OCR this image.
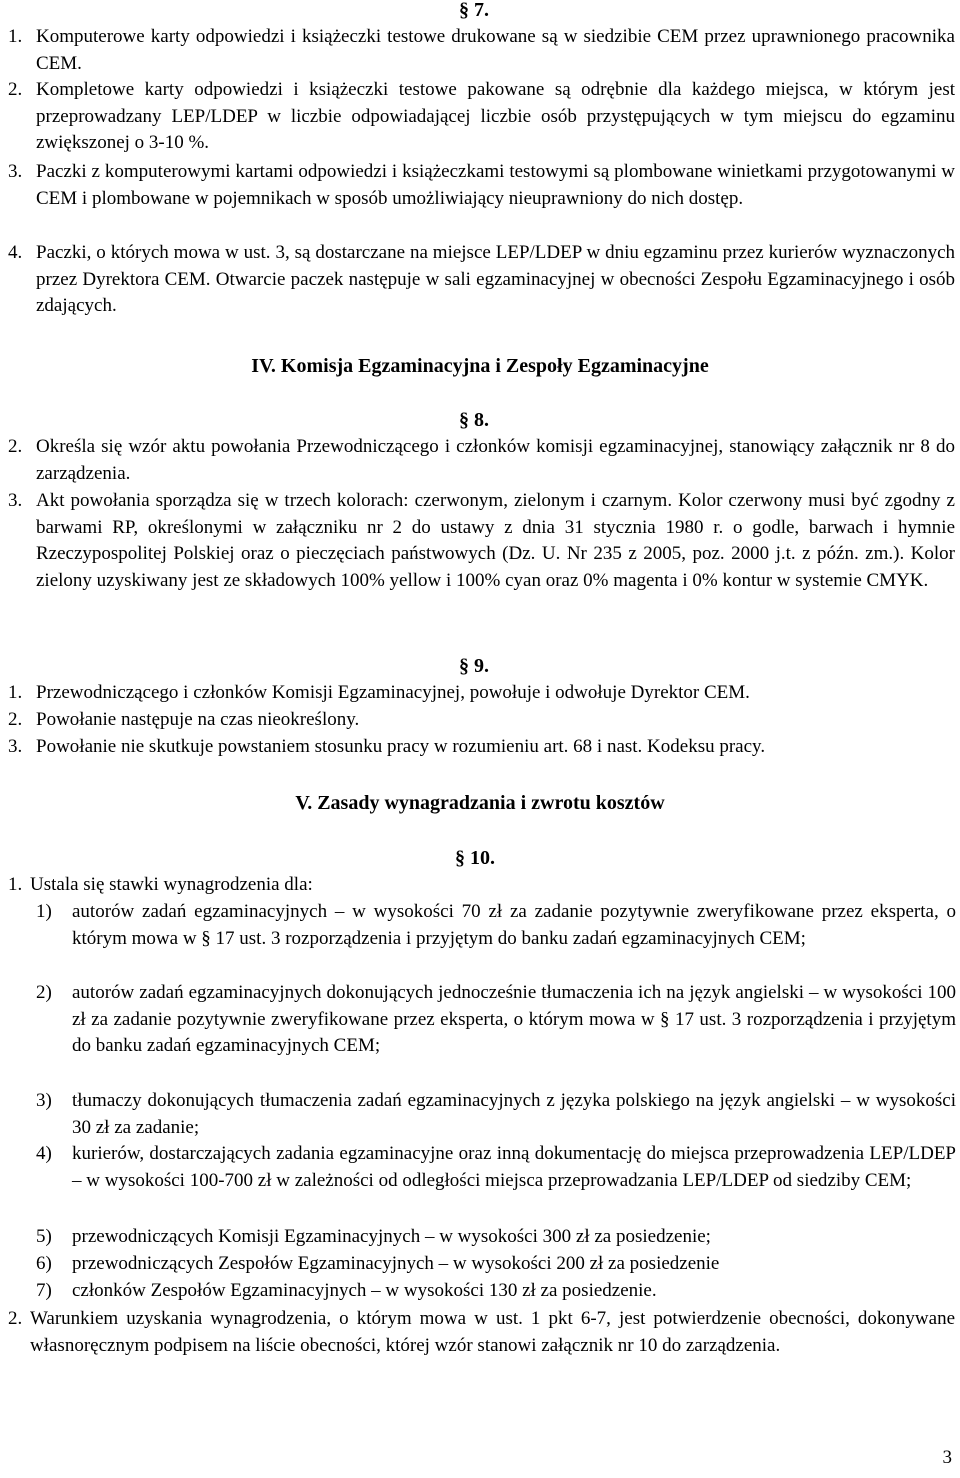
§ 7.
1. Komputerowe karty odpowiedzi i książeczki testowe drukowane są w siedzibie CEM przez uprawnionego pracownika CEM.
2. Kompletowe karty odpowiedzi i książeczki testowe pakowane są odrębnie dla każdego miejsca, w którym jest przeprowadzany LEP/LDEP w liczbie odpowiadającej liczbie osób przystępujących w tym miejscu do egzaminu zwiększonej o 3-10 %.
3. Paczki z komputerowymi kartami odpowiedzi i książeczkami testowymi są plombowane winietkami przygotowanymi w CEM i plombowane w pojemnikach w sposób umożliwiający nieuprawniony do nich dostęp.
4. Paczki, o których mowa w ust. 3, są dostarczane na miejsce LEP/LDEP w dniu egzaminu przez kurierów wyznaczonych przez Dyrektora CEM. Otwarcie paczek następuje w sali egzaminacyjnej w obecności Zespołu Egzaminacyjnego i osób zdających.
IV. Komisja Egzaminacyjna i Zespoły Egzaminacyjne
§ 8.
2. Określa się wzór aktu powołania Przewodniczącego i członków komisji egzaminacyjnej, stanowiący załącznik nr 8 do zarządzenia.
3. Akt powołania sporządza się w trzech kolorach: czerwonym, zielonym i czarnym. Kolor czerwony musi być zgodny z barwami RP, określonymi w załączniku nr 2 do ustawy z dnia 31 stycznia 1980 r. o godle, barwach i hymnie Rzeczypospolitej Polskiej oraz o pieczęciach państwowych (Dz. U. Nr 235 z 2005, poz. 2000 j.t. z późn. zm.). Kolor zielony uzyskiwany jest ze składowych 100% yellow i 100% cyan oraz 0% magenta i 0% kontur w systemie CMYK.
§ 9.
1. Przewodniczącego i członków Komisji Egzaminacyjnej, powołuje i odwołuje Dyrektor CEM.
2. Powołanie następuje na czas nieokreślony.
3. Powołanie nie skutkuje powstaniem stosunku pracy w rozumieniu art. 68 i nast. Kodeksu pracy.
V. Zasady wynagradzania i zwrotu kosztów
§ 10.
1. Ustala się stawki wynagrodzenia dla:
1) autorów zadań egzaminacyjnych – w wysokości 70 zł za zadanie pozytywnie zweryfikowane przez eksperta, o którym mowa w § 17 ust. 3 rozporządzenia i przyjętym do banku zadań egzaminacyjnych CEM;
2) autorów zadań egzaminacyjnych dokonujących jednocześnie tłumaczenia ich na język angielski – w wysokości 100 zł za zadanie pozytywnie zweryfikowane przez eksperta, o którym mowa w § 17 ust. 3 rozporządzenia i przyjętym do banku zadań egzaminacyjnych CEM;
3) tłumaczy dokonujących tłumaczenia zadań egzaminacyjnych z języka polskiego na język angielski – w wysokości 30 zł za zadanie;
4) kurierów, dostarczających zadania egzaminacyjne oraz inną dokumentację do miejsca przeprowadzenia LEP/LDEP – w wysokości 100-700 zł w zależności od odległości miejsca przeprowadzania LEP/LDEP od siedziby CEM;
5) przewodniczących Komisji Egzaminacyjnych – w wysokości 300 zł za posiedzenie;
6) przewodniczących Zespołów Egzaminacyjnych – w wysokości 200 zł za posiedzenie
7) członków Zespołów Egzaminacyjnych – w wysokości 130 zł za posiedzenie.
2. Warunkiem uzyskania wynagrodzenia, o którym mowa w ust. 1 pkt 6-7, jest potwierdzenie obecności, dokonywane własnoręcznym podpisem na liście obecności, której wzór stanowi załącznik nr 10 do zarządzenia.
3
